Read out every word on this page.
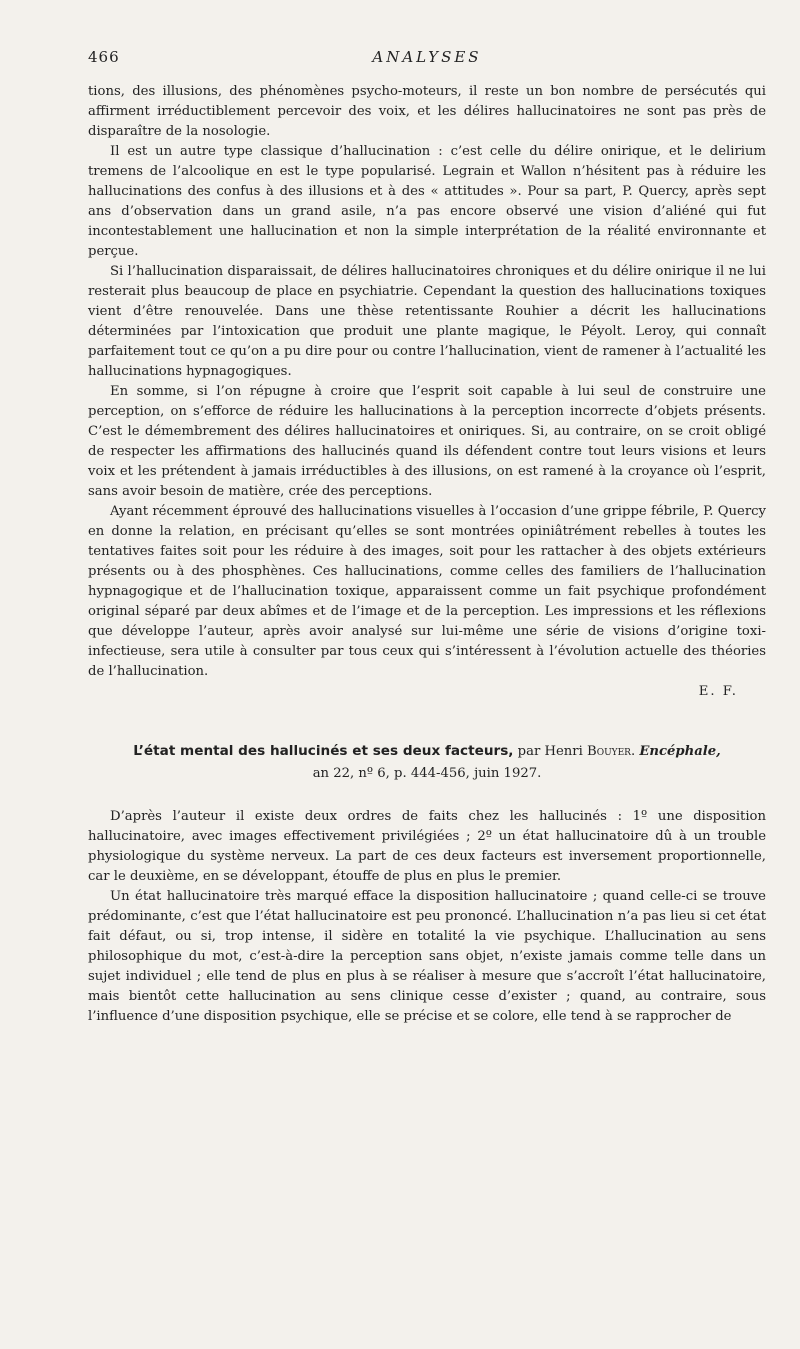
466	ANALYSES

tions, des illusions, des phénomènes psycho-moteurs, il reste un bon nombre de persécutés qui affirment irréductiblement percevoir des voix, et les délires hallucinatoires ne sont pas près de disparaître de la nosologie.

Il est un autre type classique d’hallucination : c’est celle du délire onirique, et le delirium tremens de l’alcoolique en est le type popularisé. Legrain et Wallon n’hésitent pas à réduire les hallucinations des confus à des illusions et à des « attitudes ». Pour sa part, P. Quercy, après sept ans d’observation dans un grand asile, n’a pas encore observé une vision d’aliéné qui fut incontestablement une hallucination et non la simple interprétation de la réalité environnante et perçue.

Si l’hallucination disparaissait, de délires hallucinatoires chroniques et du délire onirique il ne lui resterait plus beaucoup de place en psychiatrie. Cependant la question des hallucinations toxiques vient d’être renouvelée. Dans une thèse retentissante Rouhier a décrit les hallucinations déterminées par l’intoxication que produit une plante magique, le Péyolt. Leroy, qui connaît parfaitement tout ce qu’on a pu dire pour ou contre l’hallucination, vient de ramener à l’actualité les hallucinations hypnagogiques.

En somme, si l’on répugne à croire que l’esprit soit capable à lui seul de construire une perception, on s’efforce de réduire les hallucinations à la perception incorrecte d’objets présents. C’est le démembrement des délires hallucinatoires et oniriques. Si, au contraire, on se croit obligé de respecter les affirmations des hallucinés quand ils défendent contre tout leurs visions et leurs voix et les prétendent à jamais irréductibles à des illusions, on est ramené à la croyance où l’esprit, sans avoir besoin de matière, crée des perceptions.

Ayant récemment éprouvé des hallucinations visuelles à l’occasion d’une grippe fébrile, P. Quercy en donne la relation, en précisant qu’elles se sont montrées opiniâtrément rebelles à toutes les tentatives faites soit pour les réduire à des images, soit pour les rattacher à des objets extérieurs présents ou à des phosphènes. Ces hallucinations, comme celles des familiers de l’hallucination hypnagogique et de l’hallucination toxique, apparaissent comme un fait psychique profondément original séparé par deux abîmes et de l’image et de la perception. Les impressions et les réflexions que développe l’auteur, après avoir analysé sur lui-même une série de visions d’origine toxi-infectieuse, sera utile à consulter par tous ceux qui s’intéressent à l’évolution actuelle des théories de l’hallucination.

E. F.

L’état mental des hallucinés et ses deux facteurs, par Henri Bouyer. Encéphale,
an 22, nº 6, p. 444-456, juin 1927.

D’après l’auteur il existe deux ordres de faits chez les hallucinés : 1º une disposition hallucinatoire, avec images effectivement privilégiées ; 2º un état hallucinatoire dû à un trouble physiologique du système nerveux. La part de ces deux facteurs est inversement proportionnelle, car le deuxième, en se développant, étouffe de plus en plus le premier.

Un état hallucinatoire très marqué efface la disposition hallucinatoire ; quand celle-ci se trouve prédominante, c’est que l’état hallucinatoire est peu prononcé. L’hallucination n’a pas lieu si cet état fait défaut, ou si, trop intense, il sidère en totalité la vie psychique. L’hallucination au sens philosophique du mot, c’est-à-dire la perception sans objet, n’existe jamais comme telle dans un sujet individuel ; elle tend de plus en plus à se réaliser à mesure que s’accroît l’état hallucinatoire, mais bientôt cette hallucination au sens clinique cesse d’exister ; quand, au contraire, sous l’influence d’une disposition psychique, elle se précise et se colore, elle tend à se rapprocher de
